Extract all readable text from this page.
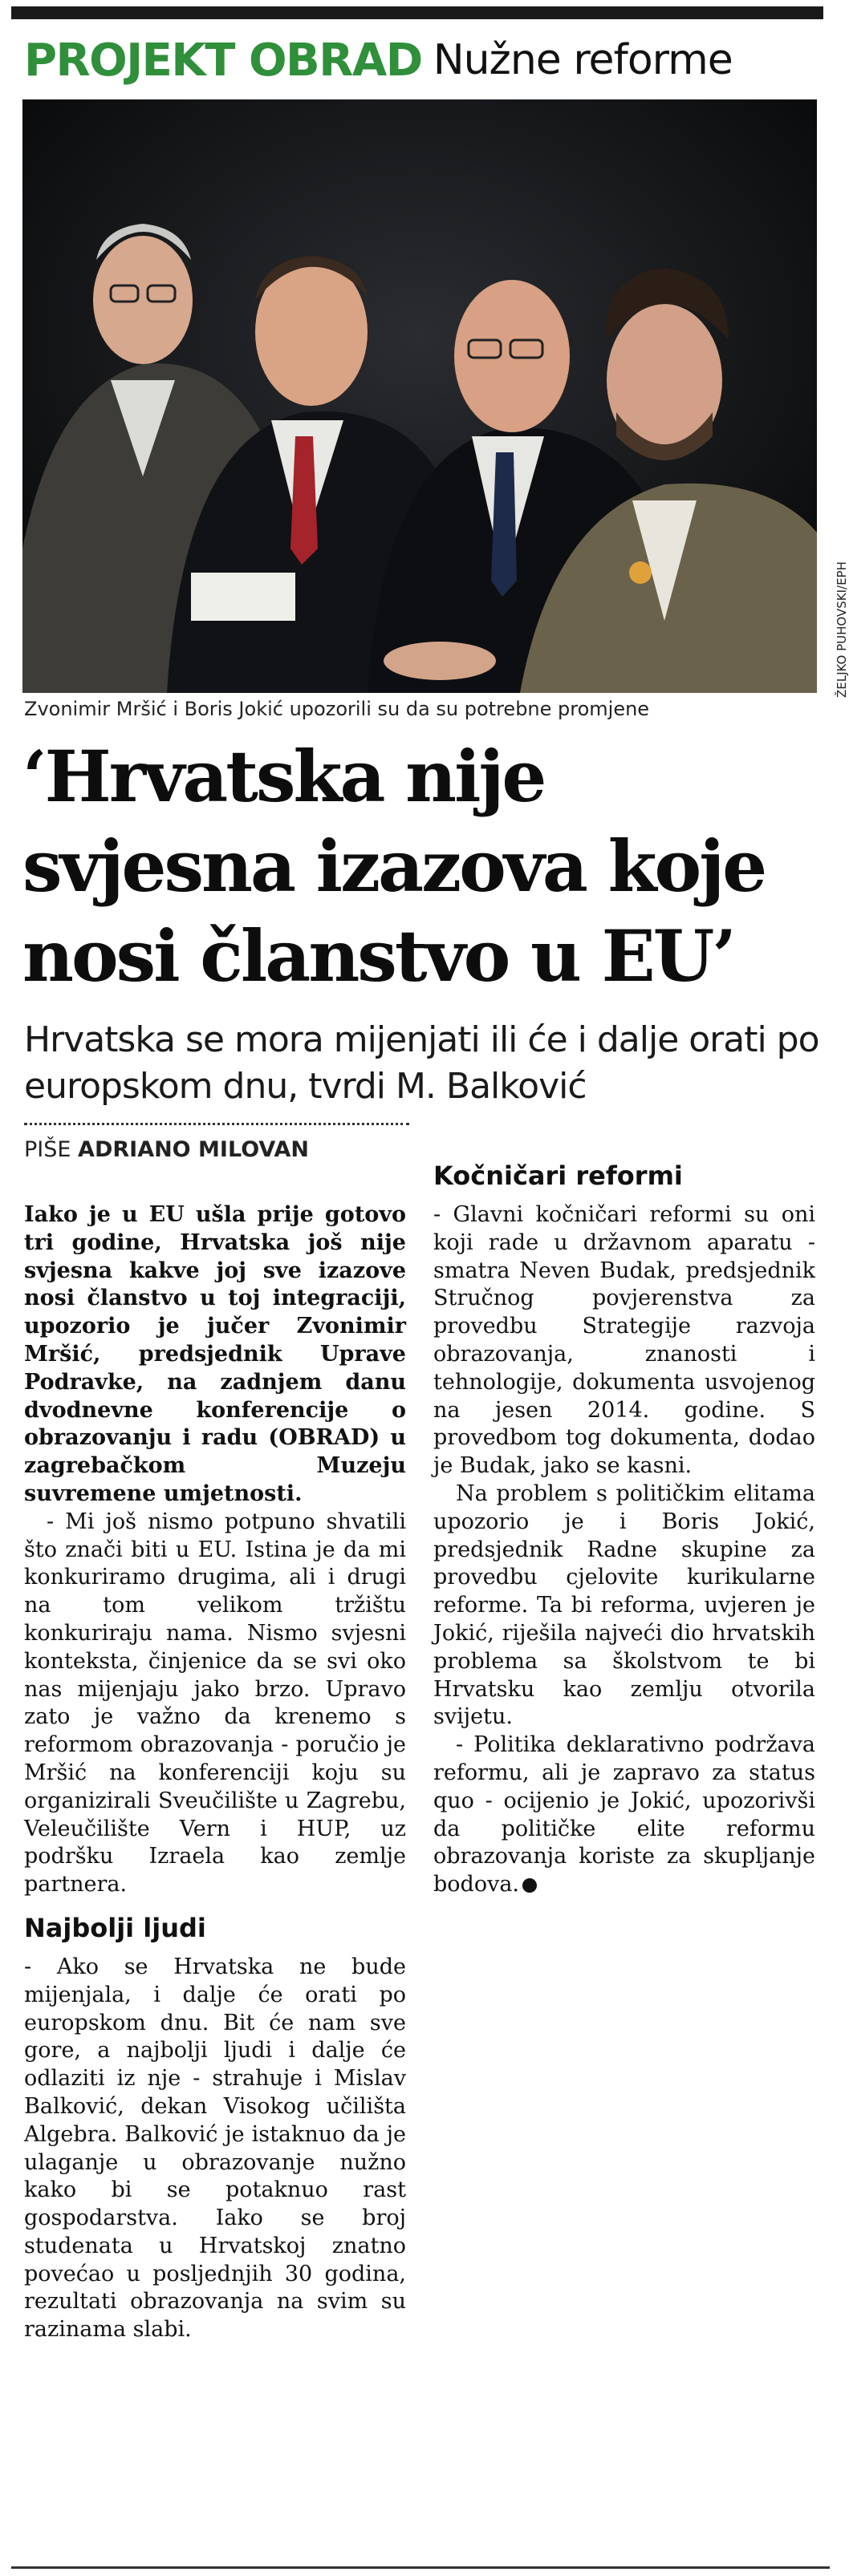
PROJEKT OBRAD Nužne reforme
ŽELJKO PUHOVSKI/EPH
Zvonimir Mršić i Boris Jokić upozorili su da su potrebne promjene
‘Hrvatska nije svjesna izazova koje nosi članstvo u EU’
Hrvatska se mora mijenjati ili će i dalje orati po europskom dnu, tvrdi M. Balković
PIŠE ADRIANO MILOVAN

Iako je u EU ušla prije gotovo tri godine, Hrvatska još nije svjesna kakve joj sve izazove nosi članstvo u toj integraciji, upozorio je jučer Zvonimir Mršić, predsjednik Uprave Podravke, na zadnjem danu dvodnevne konferencije o obrazovanju i radu (OBRAD) u zagrebačkom Muzeju suvremene umjetnosti.

- Mi još nismo potpuno shvatili što znači biti u EU. Istina je da mi konkuriramo drugima, ali i drugi na tom velikom tržištu konkuriraju nama. Nismo svjesni konteksta, činjenice da se svi oko nas mijenjaju jako brzo. Upravo zato je važno da krenemo s reformom obrazovanja - poručio je Mršić na konferenciji koju su organizirali Sveučilište u Zagrebu, Veleučilište Vern i HUP, uz podršku Izraela kao zemlje partnera.

Najbolji ljudi

- Ako se Hrvatska ne bude mijenjala, i dalje će orati po europskom dnu. Bit će nam sve gore, a najbolji ljudi i dalje će odlaziti iz nje - strahuje i Mislav Balković, dekan Visokog učilišta Algebra. Balković je istaknuo da je ulaganje u obrazovanje nužno kako bi se potaknuo rast gospodarstva. Iako se broj studenata u Hrvatskoj znatno povećao u posljednjih 30 godina, rezultati obrazovanja na svim su razinama slabi.

Kočničari reformi

- Glavni kočničari reformi su oni koji rade u državnom aparatu - smatra Neven Budak, predsjednik Stručnog povjerenstva za provedbu Strategije razvoja obrazovanja, znanosti i tehnologije, dokumenta usvojenog na jesen 2014. godine. S provedbom tog dokumenta, dodao je Budak, jako se kasni.

Na problem s političkim elitama upozorio je i Boris Jokić, predsjednik Radne skupine za provedbu cjelovite kurikularne reforme. Ta bi reforma, uvjeren je Jokić, riješila najveći dio hrvatskih problema sa školstvom te bi Hrvatsku kao zemlju otvorila svijetu.

- Politika deklarativno podržava reformu, ali je zapravo za status quo - ocijenio je Jokić, upozorivši da političke elite reformu obrazovanja koriste za skupljanje bodova.
